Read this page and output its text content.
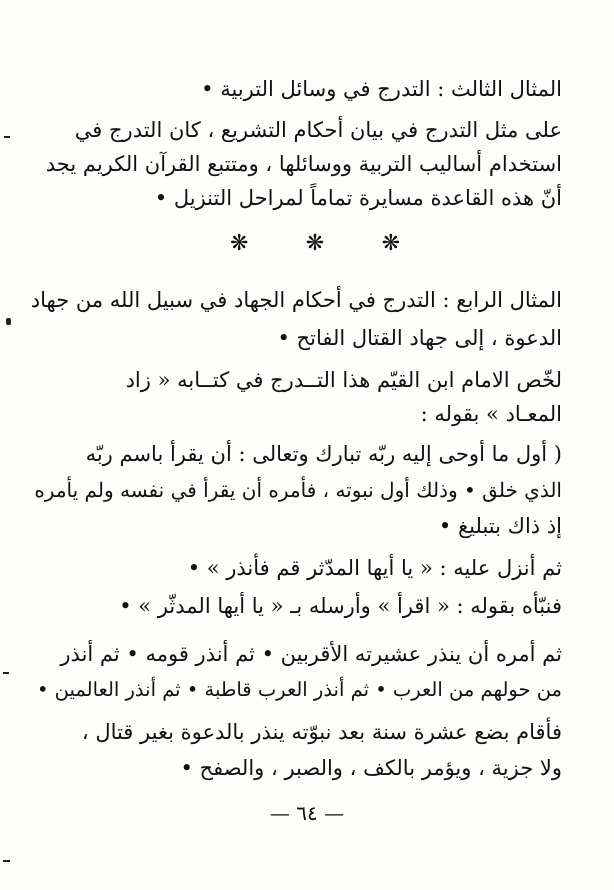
المثال الثالث : التدرج في وسائل التربية •
على مثل التدرج في بيان أحكام التشريع ، كان التدرج في
استخدام أساليب التربية ووسائلها ، ومتتبع القرآن الكريم يجد
أنّ هذه القاعدة مسايرة تماماً لمراحل التنزيل •
❋	❋	❋
المثال الرابع : التدرج في أحكام الجهاد في سبيل الله من جهاد
الدعوة ، إلى جهاد القتال الفاتح •
لخّص الامام ابن القيّم هذا التــدرج في كتــابه « زاد
المعـاد » بقوله :
( أول ما أوحى إليه ربّه تبارك وتعالى : أن يقرأ باسم ربّه
الذي خلق • وذلك أول نبوته ، فأمره أن يقرأ في نفسه ولم يأمره
إذ ذاك بتبليغ •
ثم أنزل عليه : « يا أيها المدّثر قم فأنذر » •
فنبّأه بقوله : « اقرأ » وأرسله بـ « يا أيها المدثّر » •
ثم أمره أن ينذر عشيرته الأقربين • ثم أنذر قومه • ثم أنذر
من حولهم من العرب • ثم أنذر العرب قاطبة • ثم أنذر العالمين •
فأقام بضع عشرة سنة بعد نبوّته ينذر بالدعوة بغير قتال ،
ولا جزية ، ويؤمر بالكف ، والصبر ، والصفح •
— ٦٤ —
